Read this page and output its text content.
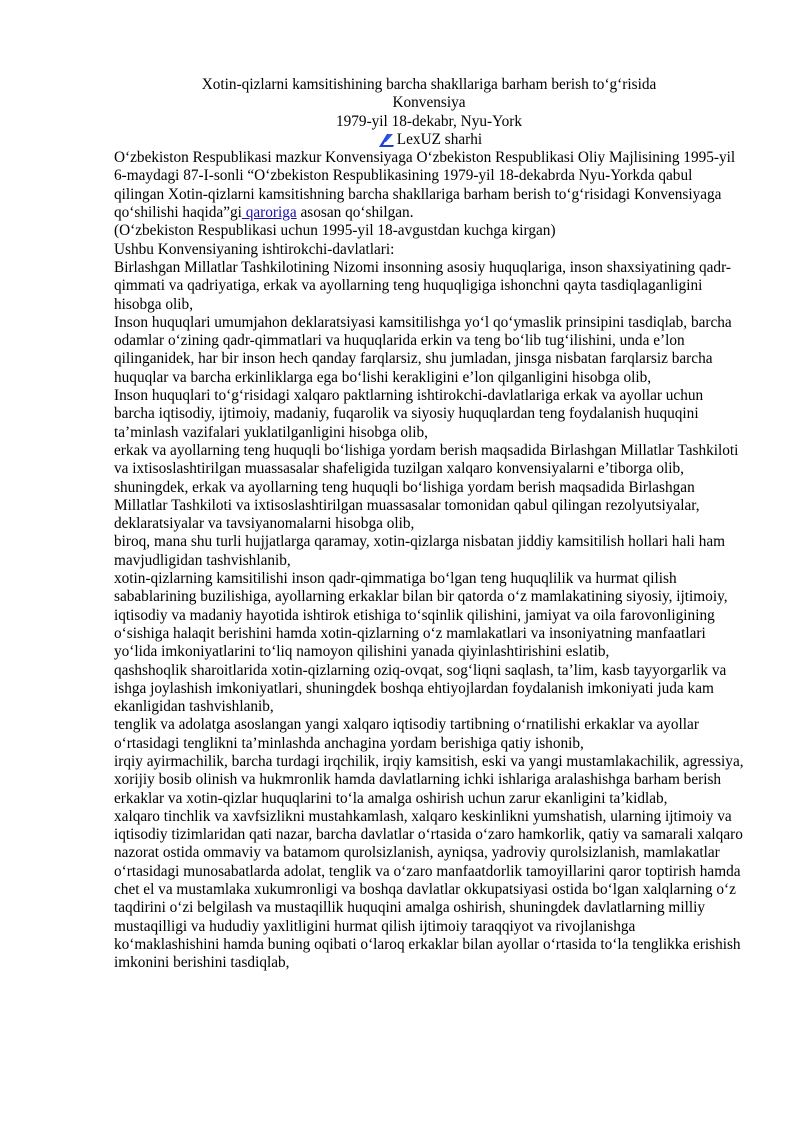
Xotin-qizlarni kamsitishining barcha shakllariga barham berish to‘g‘risida
Konvensiya
1979-yil 18-dekabr, Nyu-York
LexUZ sharhi

O‘zbekiston Respublikasi mazkur Konvensiyaga O‘zbekiston Respublikasi Oliy Majlisining 1995-yil 6-maydagi 87-I-sonli “O‘zbekiston Respublikasining 1979-yil 18-dekabrda Nyu-Yorkda qabul qilingan Xotin-qizlarni kamsitishning barcha shakllariga barham berish to‘g‘risidagi Konvensiyaga qo‘shilishi haqida”gi qaroriga asosan qo‘shilgan.

(O‘zbekiston Respublikasi uchun 1995-yil 18-avgustdan kuchga kirgan)

Ushbu Konvensiyaning ishtirokchi-davlatlari:

Birlashgan Millatlar Tashkilotining Nizomi insonning asosiy huquqlariga, inson shaxsiyatining qadr-qimmati va qadriyatiga, erkak va ayollarning teng huquqligiga ishonchni qayta tasdiqlaganligini hisobga olib,

Inson huquqlari umumjahon deklaratsiyasi kamsitilishga yo‘l qo‘ymaslik prinsipini tasdiqlab, barcha odamlar o‘zining qadr-qimmatlari va huquqlarida erkin va teng bo‘lib tug‘ilishini, unda e’lon qilinganidek, har bir inson hech qanday farqlarsiz, shu jumladan, jinsga nisbatan farqlarsiz barcha huquqlar va barcha erkinliklarga ega bo‘lishi kerakligini e’lon qilganligini hisobga olib,

Inson huquqlari to‘g‘risidagi xalqaro paktlarning ishtirokchi-davlatlariga erkak va ayollar uchun barcha iqtisodiy, ijtimoiy, madaniy, fuqarolik va siyosiy huquqlardan teng foydalanish huquqini ta’minlash vazifalari yuklatilganligini hisobga olib,

erkak va ayollarning teng huquqli bo‘lishiga yordam berish maqsadida Birlashgan Millatlar Tashkiloti va ixtisoslashtirilgan muassasalar shafeligida tuzilgan xalqaro konvensiyalarni e’tiborga olib,

shuningdek, erkak va ayollarning teng huquqli bo‘lishiga yordam berish maqsadida Birlashgan Millatlar Tashkiloti va ixtisoslashtirilgan muassasalar tomonidan qabul qilingan rezolyutsiyalar, deklaratsiyalar va tavsiyanomalarni hisobga olib,

biroq, mana shu turli hujjatlarga qaramay, xotin-qizlarga nisbatan jiddiy kamsitilish hollari hali ham mavjudligidan tashvishlanib,

xotin-qizlarning kamsitilishi inson qadr-qimmatiga bo‘lgan teng huquqlilik va hurmat qilish sabablarining buzilishiga, ayollarning erkaklar bilan bir qatorda o‘z mamlakatining siyosiy, ijtimoiy, iqtisodiy va madaniy hayotida ishtirok etishiga to‘sqinlik qilishini, jamiyat va oila farovonligining o‘sishiga halaqit berishini hamda xotin-qizlarning o‘z mamlakatlari va insoniyatning manfaatlari yo‘lida imkoniyatlarini to‘liq namoyon qilishini yanada qiyinlashtirishini eslatib,

qashshoqlik sharoitlarida xotin-qizlarning oziq-ovqat, sog‘liqni saqlash, ta’lim, kasb tayyorgarlik va ishga joylashish imkoniyatlari, shuningdek boshqa ehtiyojlardan foydalanish imkoniyati juda kam ekanligidan tashvishlanib,

tenglik va adolatga asoslangan yangi xalqaro iqtisodiy tartibning o‘rnatilishi erkaklar va ayollar o‘rtasidagi tenglikni ta’minlashda anchagina yordam berishiga qatiy ishonib,

irqiy ayirmachilik, barcha turdagi irqchilik, irqiy kamsitish, eski va yangi mustamlakachilik, agressiya, xorijiy bosib olinish va hukmronlik hamda davlatlarning ichki ishlariga aralashishga barham berish erkaklar va xotin-qizlar huquqlarini to‘la amalga oshirish uchun zarur ekanligini ta’kidlab,

xalqaro tinchlik va xavfsizlikni mustahkamlash, xalqaro keskinlikni yumshatish, ularning ijtimoiy va iqtisodiy tizimlaridan qati nazar, barcha davlatlar o‘rtasida o‘zaro hamkorlik, qatiy va samarali xalqaro nazorat ostida ommaviy va batamom qurolsizlanish, ayniqsa, yadroviy qurolsizlanish, mamlakatlar o‘rtasidagi munosabatlarda adolat, tenglik va o‘zaro manfaatdorlik tamoyillarini qaror toptirish hamda chet el va mustamlaka xukumronligi va boshqa davlatlar okkupatsiyasi ostida bo‘lgan xalqlarning o‘z taqdirini o‘zi belgilash va mustaqillik huquqini amalga oshirish, shuningdek davlatlarning milliy mustaqilligi va hududiy yaxlitligini hurmat qilish ijtimoiy taraqqiyot va rivojlanishga ko‘maklashishini hamda buning oqibati o‘laroq erkaklar bilan ayollar o‘rtasida to‘la tenglikka erishish imkonini berishini tasdiqlab,
